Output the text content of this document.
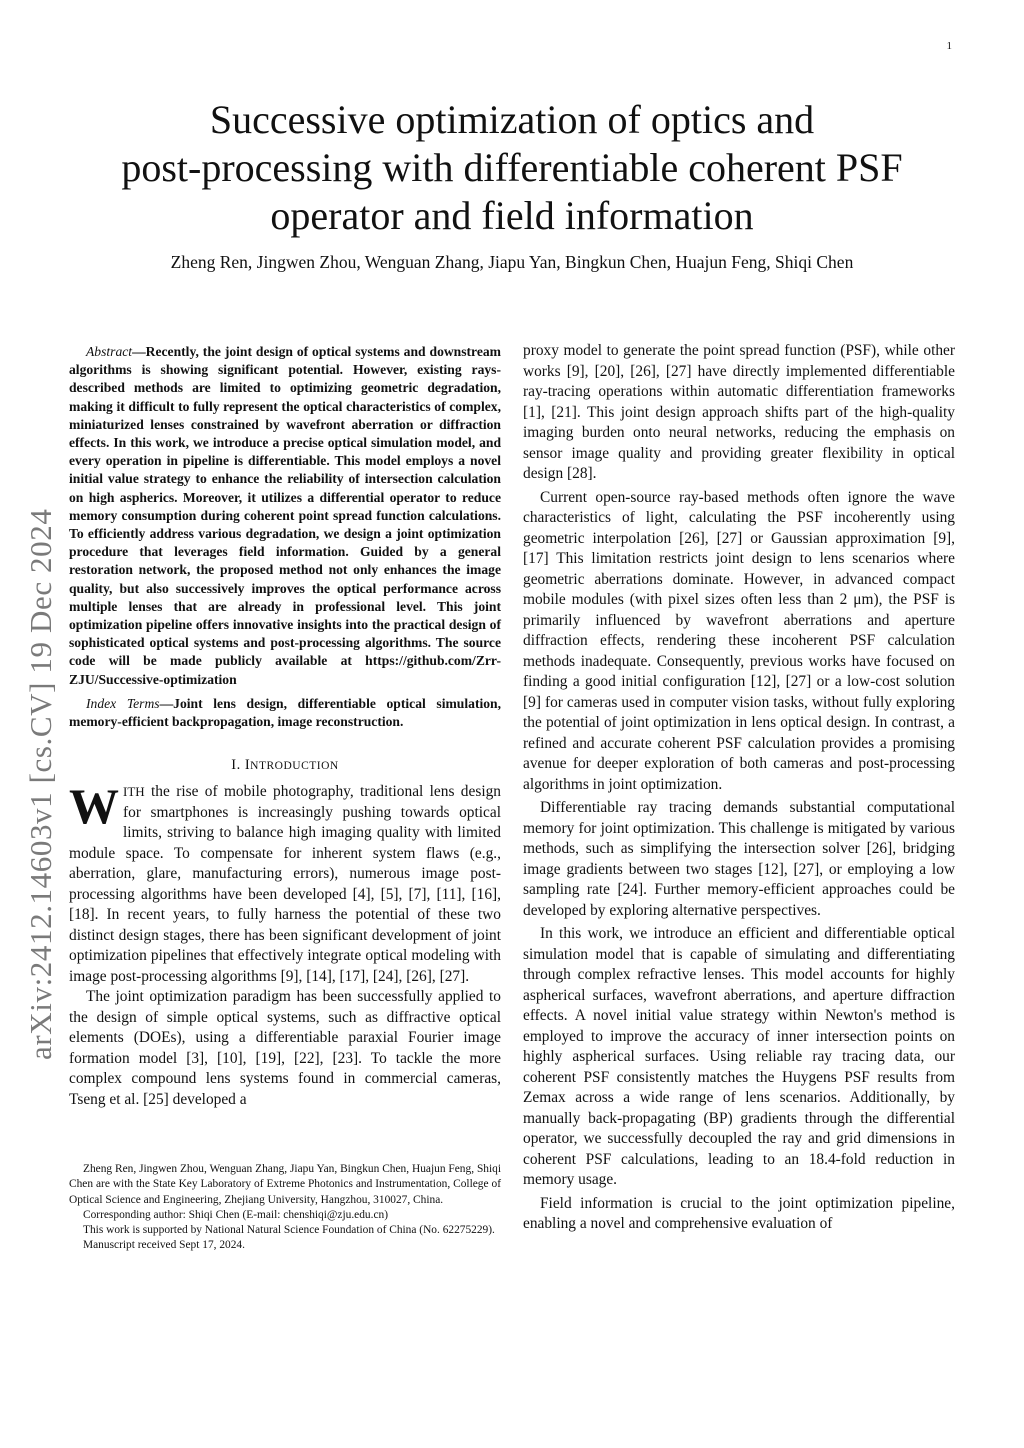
1
arXiv:2412.14603v1 [cs.CV] 19 Dec 2024
Successive optimization of optics and
post-processing with differentiable coherent PSF
operator and field information
Zheng Ren, Jingwen Zhou, Wenguan Zhang, Jiapu Yan, Bingkun Chen, Huajun Feng, Shiqi Chen

Abstract—Recently, the joint design of optical systems and downstream algorithms is showing significant potential. However, existing rays-described methods are limited to optimizing geometric degradation, making it difficult to fully represent the optical characteristics of complex, miniaturized lenses constrained by wavefront aberration or diffraction effects. In this work, we introduce a precise optical simulation model, and every operation in pipeline is differentiable. This model employs a novel initial value strategy to enhance the reliability of intersection calculation on high aspherics. Moreover, it utilizes a differential operator to reduce memory consumption during coherent point spread function calculations. To efficiently address various degradation, we design a joint optimization procedure that leverages field information. Guided by a general restoration network, the proposed method not only enhances the image quality, but also successively improves the optical performance across multiple lenses that are already in professional level. This joint optimization pipeline offers innovative insights into the practical design of sophisticated optical systems and post-processing algorithms. The source code will be made publicly available at https://github.com/Zrr-ZJU/Successive-optimization

Index Terms—Joint lens design, differentiable optical simulation, memory-efficient backpropagation, image reconstruction.

I. INTRODUCTION

WITH the rise of mobile photography, traditional lens design for smartphones is increasingly pushing towards optical limits, striving to balance high imaging quality with limited module space. To compensate for inherent system flaws (e.g., aberration, glare, manufacturing errors), numerous image post-processing algorithms have been developed [4], [5], [7], [11], [16], [18]. In recent years, to fully harness the potential of these two distinct design stages, there has been significant development of joint optimization pipelines that effectively integrate optical modeling with image post-processing algorithms [9], [14], [17], [24], [26], [27].

The joint optimization paradigm has been successfully applied to the design of simple optical systems, such as diffractive optical elements (DOEs), using a differentiable paraxial Fourier image formation model [3], [10], [19], [22], [23]. To tackle the more complex compound lens systems found in commercial cameras, Tseng et al. [25] developed a

Zheng Ren, Jingwen Zhou, Wenguan Zhang, Jiapu Yan, Bingkun Chen, Huajun Feng, Shiqi Chen are with the State Key Laboratory of Extreme Photonics and Instrumentation, College of Optical Science and Engineering, Zhejiang University, Hangzhou, 310027, China.

Corresponding author: Shiqi Chen (E-mail: chenshiqi@zju.edu.cn)

This work is supported by National Natural Science Foundation of China (No. 62275229).

Manuscript received Sept 17, 2024.

proxy model to generate the point spread function (PSF), while other works [9], [20], [26], [27] have directly implemented differentiable ray-tracing operations within automatic differentiation frameworks [1], [21]. This joint design approach shifts part of the high-quality imaging burden onto neural networks, reducing the emphasis on sensor image quality and providing greater flexibility in optical design [28].

Current open-source ray-based methods often ignore the wave characteristics of light, calculating the PSF incoherently using geometric interpolation [26], [27] or Gaussian approximation [9], [17] This limitation restricts joint design to lens scenarios where geometric aberrations dominate. However, in advanced compact mobile modules (with pixel sizes often less than 2 μm), the PSF is primarily influenced by wavefront aberrations and aperture diffraction effects, rendering these incoherent PSF calculation methods inadequate. Consequently, previous works have focused on finding a good initial configuration [12], [27] or a low-cost solution [9] for cameras used in computer vision tasks, without fully exploring the potential of joint optimization in lens optical design. In contrast, a refined and accurate coherent PSF calculation provides a promising avenue for deeper exploration of both cameras and post-processing algorithms in joint optimization.

Differentiable ray tracing demands substantial computational memory for joint optimization. This challenge is mitigated by various methods, such as simplifying the intersection solver [26], bridging image gradients between two stages [12], [27], or employing a low sampling rate [24]. Further memory-efficient approaches could be developed by exploring alternative perspectives.

In this work, we introduce an efficient and differentiable optical simulation model that is capable of simulating and differentiating through complex refractive lenses. This model accounts for highly aspherical surfaces, wavefront aberrations, and aperture diffraction effects. A novel initial value strategy within Newton's method is employed to improve the accuracy of inner intersection points on highly aspherical surfaces. Using reliable ray tracing data, our coherent PSF consistently matches the Huygens PSF results from Zemax across a wide range of lens scenarios. Additionally, by manually back-propagating (BP) gradients through the differential operator, we successfully decoupled the ray and grid dimensions in coherent PSF calculations, leading to an 18.4-fold reduction in memory usage.

Field information is crucial to the joint optimization pipeline, enabling a novel and comprehensive evaluation of
